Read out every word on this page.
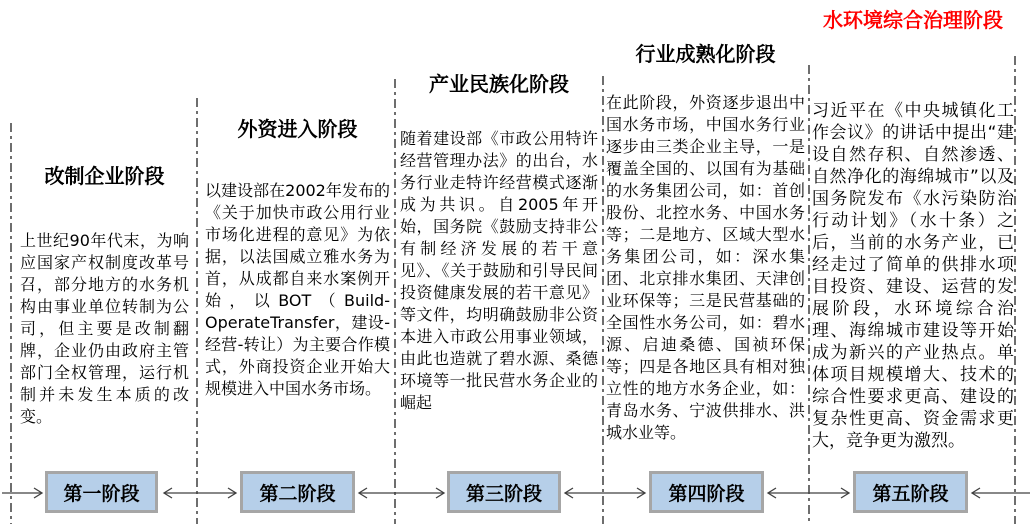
改制企业阶段

上世纪90年代末，为响应国家产权制度改革号召，部分地方的水务机构由事业单位转制为公司，但主要是改制翻牌，企业仍由政府主管部门全权管理，运行机制并未发生本质的改变。

外资进入阶段

以建设部在2002年发布的《关于加快市政公用行业市场化进程的意见》为依据，以法国威立雅水务为首，从成都自来水案例开始，以BOT（Build-OperateTransfer，建设-经营-转让）为主要合作模式，外商投资企业开始大规模进入中国水务市场。

产业民族化阶段

随着建设部《市政公用特许经营管理办法》的出台，水务行业走特许经营模式逐渐成为共识。自2005年开始，国务院《鼓励支持非公有制经济发展的若干意见》、《关于鼓励和引导民间投资健康发展的若干意见》等文件，均明确鼓励非公资本进入市政公用事业领域，由此也造就了碧水源、桑德环境等一批民营水务企业的崛起

行业成熟化阶段

在此阶段，外资逐步退出中国水务市场，中国水务行业逐步由三类企业主导，一是覆盖全国的、以国有为基础的水务集团公司，如：首创股份、北控水务、中国水务等；二是地方、区域大型水务集团公司，如：深水集团、北京排水集团、天津创业环保等；三是民营基础的全国性水务公司，如：碧水源、启迪桑德、国祯环保等；四是各地区具有相对独立性的地方水务企业，如：青岛水务、宁波供排水、洪城水业等。

水环境综合治理阶段

习近平在《中央城镇化工作会议》的讲话中提出“建设自然存积、自然渗透、自然净化的海绵城市”以及国务院发布《水污染防治行动计划》（水十条）之后，当前的水务产业，已经走过了简单的供排水项目投资、建设、运营的发展阶段，水环境综合治理、海绵城市建设等开始成为新兴的产业热点。单体项目规模增大、技术的综合性要求更高、建设的复杂性更高、资金需求更大，竞争更为激烈。

第一阶段	第二阶段	第三阶段	第四阶段	第五阶段
